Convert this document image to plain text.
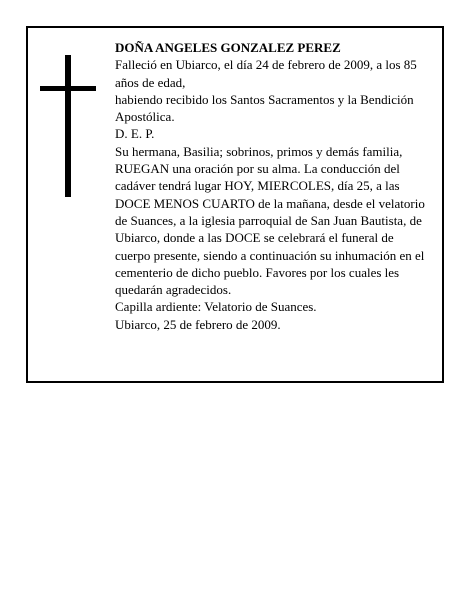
DOÑA ANGELES GONZALEZ PEREZ

Falleció en Ubiarco, el día 24 de febrero de 2009, a los 85 años de edad,

habiendo recibido los Santos Sacramentos y la Bendición Apostólica.

D. E. P.

Su hermana, Basilia; sobrinos, primos y demás familia, RUEGAN una oración por su alma. La conducción del cadáver tendrá lugar HOY, MIERCOLES, día 25, a las DOCE MENOS CUARTO de la mañana, desde el velatorio de Suances, a la iglesia parroquial de San Juan Bautista, de Ubiarco, donde a las DOCE se celebrará el funeral de cuerpo presente, siendo a continuación su inhumación en el cementerio de dicho pueblo. Favores por los cuales les quedarán agradecidos.

Capilla ardiente: Velatorio de Suances.

Ubiarco, 25 de febrero de 2009.
